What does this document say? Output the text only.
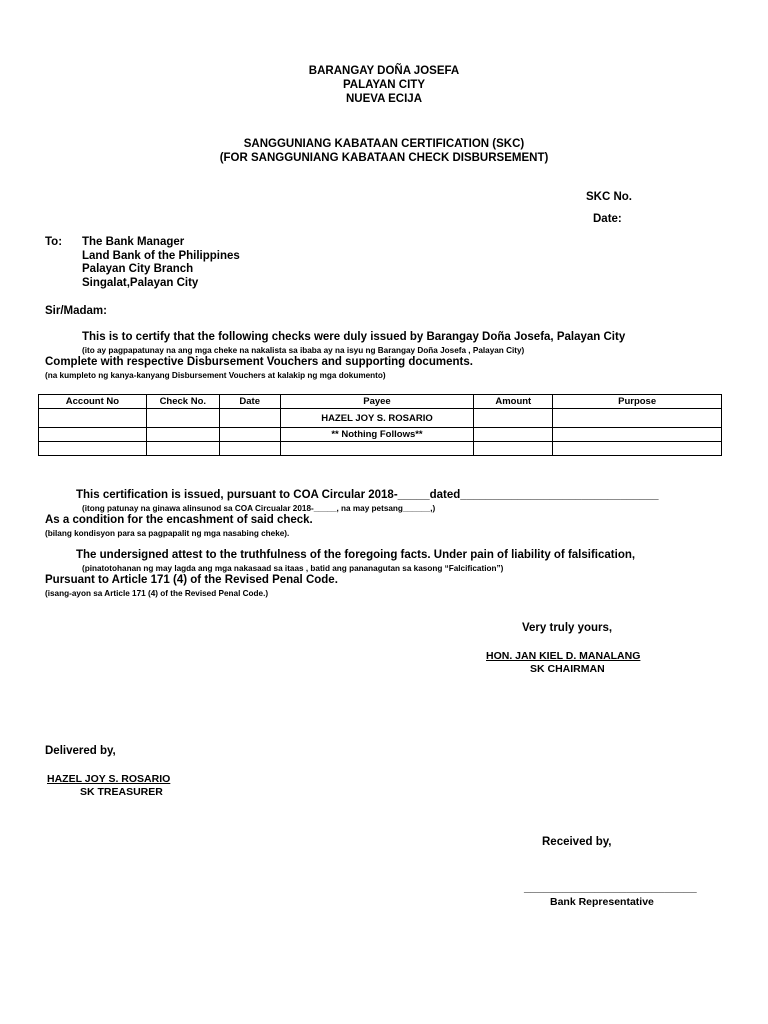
BARANGAY DOÑA JOSEFA
PALAYAN CITY
NUEVA ECIJA
SANGGUNIANG KABATAAN CERTIFICATION (SKC)
(FOR SANGGUNIANG KABATAAN CHECK DISBURSEMENT)
SKC No.
Date:
To: The Bank Manager
Land Bank of the Philippines
Palayan City Branch
Singalat,Palayan City
Sir/Madam:
This is to certify that the following checks were duly issued by Barangay Doña Josefa, Palayan City
(ito ay pagpapatunay na ang mga cheke na nakalista sa ibaba ay na isyu ng Barangay Doña Josefa , Palayan City)
Complete with respective Disbursement Vouchers and supporting documents.
(na kumpleto ng kanya-kanyang Disbursement Vouchers at kalakip ng mga dokumento)
Account No	Check No.	Date	Payee	Amount	Purpose
			HAZEL JOY S. ROSARIO		
			** Nothing Follows**		

This certification is issued, pursuant to COA Circular 2018-_____dated_______________________________
(itong patunay na ginawa alinsunod sa COA Circualar 2018-_____, na may petsang______,)
As a condition for the encashment of said check.
(bilang kondisyon para sa pagpapalit ng mga nasabing cheke).
The undersigned attest to the truthfulness of the foregoing facts. Under pain of liability of falsification,
(pinatotohanan ng may lagda ang mga nakasaad sa itaas , batid ang pananagutan sa kasong “Falcification”)
Pursuant to Article 171 (4) of the Revised Penal Code.
(isang-ayon sa Article 171 (4) of the Revised Penal Code.)
Very truly yours,
HON. JAN KIEL D. MANALANG
SK CHAIRMAN
Delivered by,
HAZEL JOY S. ROSARIO
SK TREASURER
Received by,
___________________________
Bank Representative
